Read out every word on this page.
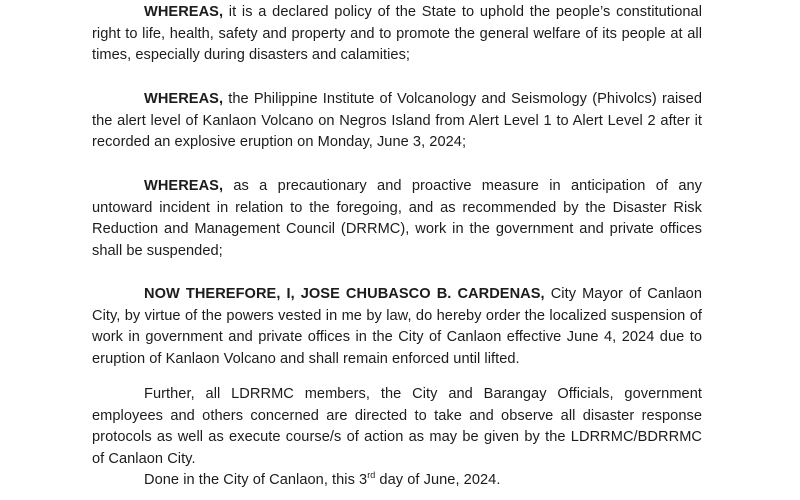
WHEREAS, it is a declared policy of the State to uphold the people’s constitutional right to life, health, safety and property and to promote the general welfare of its people at all times, especially during disasters and calamities;

WHEREAS, the Philippine Institute of Volcanology and Seismology (Phivolcs) raised the alert level of Kanlaon Volcano on Negros Island from Alert Level 1 to Alert Level 2 after it recorded an explosive eruption on Monday, June 3, 2024;

WHEREAS, as a precautionary and proactive measure in anticipation of any untoward incident in relation to the foregoing, and as recommended by the Disaster Risk Reduction and Management Council (DRRMC), work in the government and private offices shall be suspended;

NOW THEREFORE, I, JOSE CHUBASCO B. CARDENAS, City Mayor of Canlaon City, by virtue of the powers vested in me by law, do hereby order the localized suspension of work in government and private offices in the City of Canlaon effective June 4, 2024 due to eruption of Kanlaon Volcano and shall remain enforced until lifted.

Further, all LDRRMC members, the City and Barangay Officials, government employees and others concerned are directed to take and observe all disaster response protocols as well as execute course/s of action as may be given by the LDRRMC/BDRRMC of Canlaon City.

Done in the City of Canlaon, this 3rd day of June, 2024.
